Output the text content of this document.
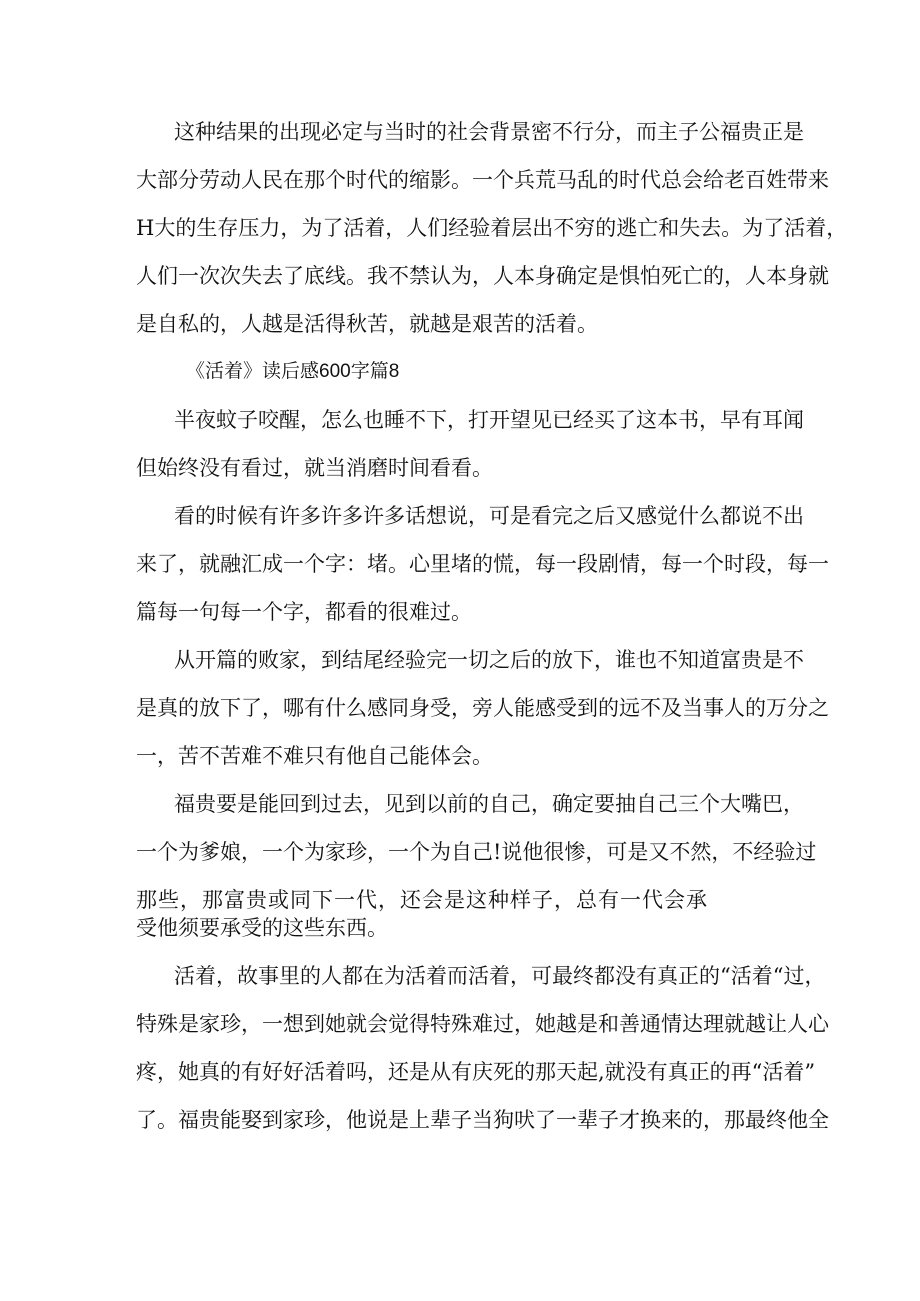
这种结果的出现必定与当时的社会背景密不行分，而主子公福贵正是
大部分劳动人民在那个时代的缩影。一个兵荒马乱的时代总会给老百姓带来
H大的生存压力，为了活着，人们经验着层出不穷的逃亡和失去。为了活着，
人们一次次失去了底线。我不禁认为，人本身确定是惧怕死亡的，人本身就
是自私的，人越是活得秋苦，就越是艰苦的活着。
《活着》读后感600字篇8
半夜蚊子咬醒，怎么也睡不下，打开望见已经买了这本书，早有耳闻
但始终没有看过，就当消磨时间看看。
看的时候有许多许多许多话想说，可是看完之后又感觉什么都说不出
来了，就融汇成一个字：堵。心里堵的慌，每一段剧情，每一个时段，每一
篇每一句每一个字，都看的很难过。
从开篇的败家，到结尾经验完一切之后的放下，谁也不知道富贵是不
是真的放下了，哪有什么感同身受，旁人能感受到的远不及当事人的万分之
一，苦不苦难不难只有他自己能体会。
福贵要是能回到过去，见到以前的自己，确定要抽自己三个大嘴巴，
一个为爹娘，一个为家珍，一个为自己!说他很惨，可是又不然，不经验过
那些，那富贵或同下一代，还会是这种样子，总有一代会承
受他须要承受的这些东西。
活着，故事里的人都在为活着而活着，可最终都没有真正的“活着“过，
特殊是家珍，一想到她就会觉得特殊难过，她越是和善通情达理就越让人心
疼，她真的有好好活着吗，还是从有庆死的那天起,就没有真正的再“活着”
了。福贵能娶到家珍，他说是上辈子当狗吠了一辈子才换来的，那最终他全
